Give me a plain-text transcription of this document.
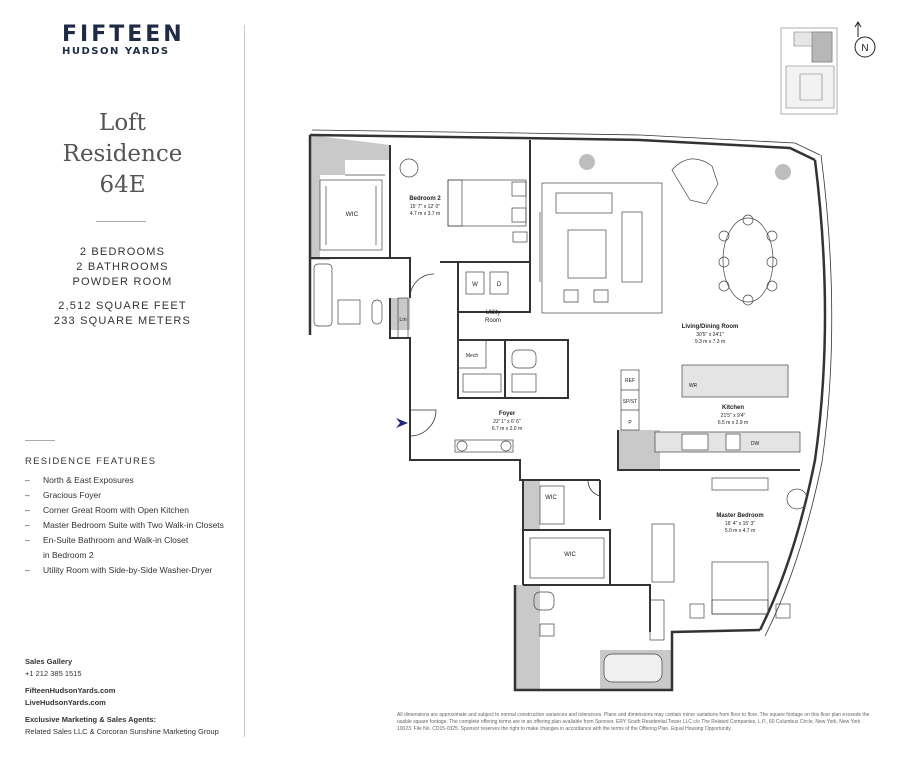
FIFTEEN
HUDSON YARDS
Loft
Residence
64E
2 BEDROOMS
2 BATHROOMS
POWDER ROOM
2,512 SQUARE FEET
233 SQUARE METERS
RESIDENCE FEATURES
– North & East Exposures
– Gracious Foyer
– Corner Great Room with Open Kitchen
– Master Bedroom Suite with Two Walk-in Closets
– En-Suite Bathroom and Walk-in Closet in Bedroom 2
– Utility Room with Side-by-Side Washer-Dryer
Sales Gallery
+1 212 385 1515
FifteenHudsonYards.com
LiveHudsonYards.com
Exclusive Marketing & Sales Agents:
Related Sales LLC & Corcoran Sunshine Marketing Group
N
WIC
Lin
Bedroom 2
15' 7" x 12' 0"
4.7 m x 3.7 m
W	D
Utility
Room
Mech
Foyer
22' 1" x 6' 6"
6.7 m x 2.0 m
Living/Dining Room
30'5" x 24'1"
9.3 m x 7.3 m
REF
SP/ST
P
WR
DW
Kitchen
21'5" x 9'4"
6.5 m x 2.9 m
WIC
WIC
Master Bedroom
16' 4" x 15' 3"
5.0 m x 4.7 m
All dimensions are approximate and subject to normal construction variances and tolerances. Plans and dimensions may contain minor variations from floor to floor. The square footage on this floor plan exceeds the usable square footage. The complete offering terms are in an offering plan available from Sponsor, ERY South Residential Tower LLC c/o The Related Companies, L.P., 60 Columbus Circle, New York, New York 10023. File No. CD15-0325. Sponsor reserves the right to make changes in accordance with the terms of the Offering Plan. Equal Housing Opportunity.
